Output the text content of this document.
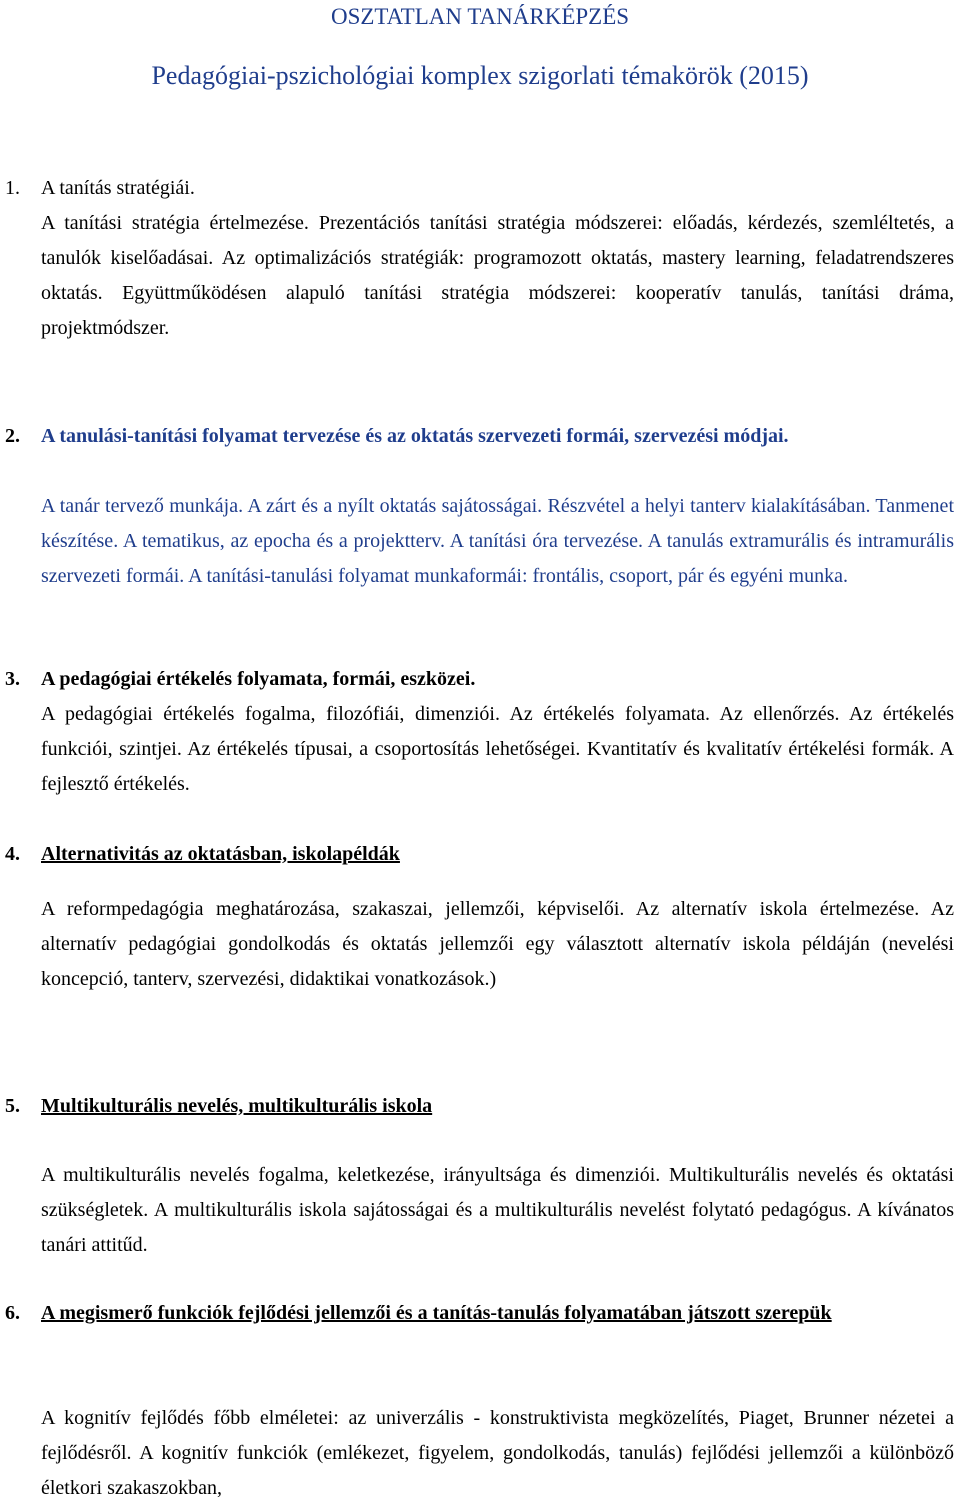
OSZTATLAN TANÁRKÉPZÉS
Pedagógiai-pszichológiai komplex szigorlati témakörök (2015)
1.	A tanítás stratégiái.

A tanítási stratégia értelmezése. Prezentációs tanítási stratégia módszerei: előadás, kérdezés, szemléltetés, a tanulók kiselőadásai. Az optimalizációs stratégiák: programozott oktatás, mastery learning, feladatrendszeres oktatás. Együttműködésen alapuló tanítási stratégia módszerei: kooperatív tanulás, tanítási dráma, projektmódszer.

2.	A tanulási-tanítási folyamat tervezése és az oktatás szervezeti formái, szervezési módjai.

A tanár tervező munkája. A zárt és a nyílt oktatás sajátosságai. Részvétel a helyi tanterv kialakításában. Tanmenet készítése. A tematikus, az epocha és a projektterv. A tanítási óra tervezése. A tanulás extramurális és intramurális szervezeti formái. A tanítási-tanulási folyamat munkaformái: frontális, csoport, pár és egyéni munka.

3.	A pedagógiai értékelés folyamata, formái, eszközei.

A pedagógiai értékelés fogalma, filozófiái, dimenziói. Az értékelés folyamata. Az ellenőrzés. Az értékelés funkciói, szintjei. Az értékelés típusai, a csoportosítás lehetőségei. Kvantitatív és kvalitatív értékelési formák. A fejlesztő értékelés.

4.	Alternativitás az oktatásban, iskolapéldák

A reformpedagógia meghatározása, szakaszai, jellemzői, képviselői. Az alternatív iskola értelmezése. Az alternatív pedagógiai gondolkodás és oktatás jellemzői egy választott alternatív iskola példáján (nevelési koncepció, tanterv, szervezési, didaktikai vonatkozások.)

5.	Multikulturális nevelés, multikulturális iskola

A multikulturális nevelés fogalma, keletkezése, irányultsága és dimenziói. Multikulturális nevelés és oktatási szükségletek. A multikulturális iskola sajátosságai és a multikulturális nevelést folytató pedagógus. A kívánatos tanári attitűd.

6.	A megismerő funkciók fejlődési jellemzői és a tanítás-tanulás folyamatában játszott szerepük

A kognitív fejlődés főbb elméletei: az univerzális - konstruktivista megközelítés, Piaget, Brunner nézetei a fejlődésről. A kognitív funkciók (emlékezet, figyelem, gondolkodás, tanulás) fejlődési jellemzői a különböző életkori szakaszokban,
